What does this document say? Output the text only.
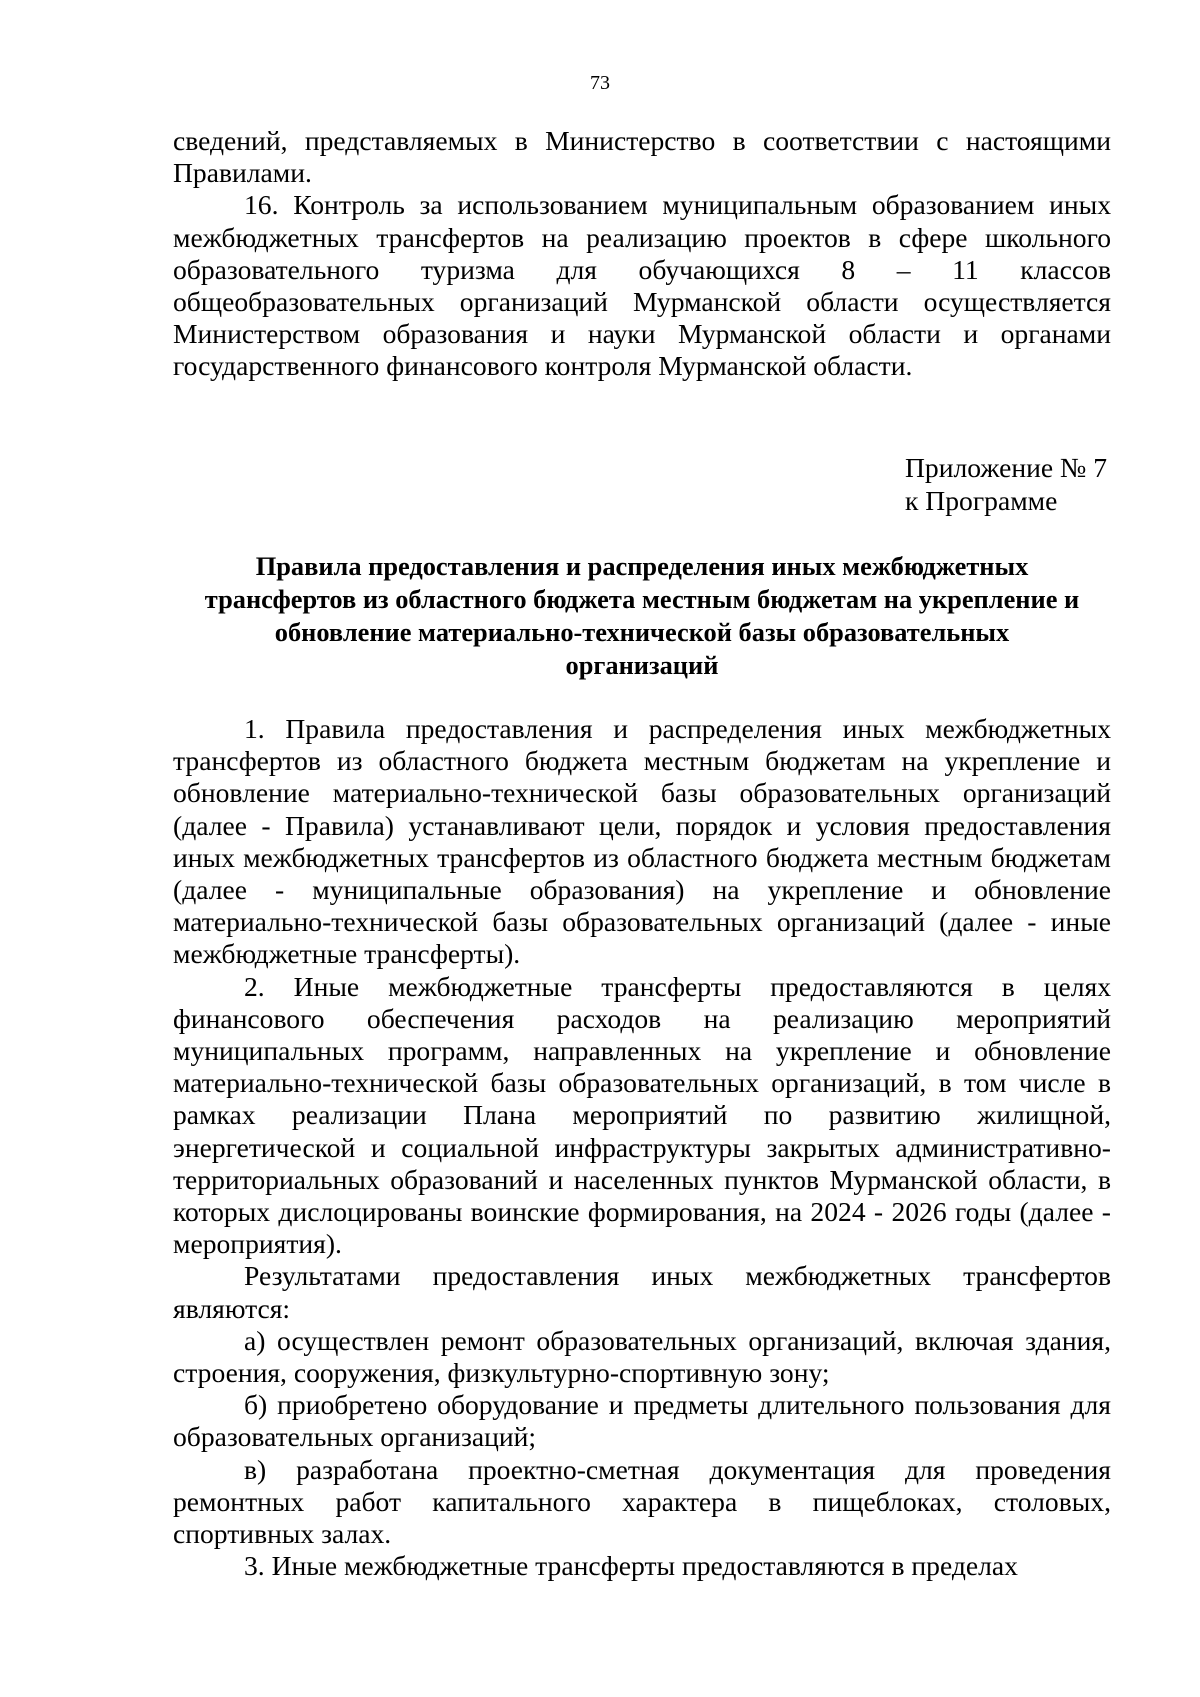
73

сведений, представляемых в Министерство в соответствии с настоящими Правилами.

16. Контроль за использованием муниципальным образованием иных межбюджетных трансфертов на реализацию проектов в сфере школьного образовательного туризма для обучающихся 8 – 11 классов общеобразовательных организаций Мурманской области осуществляется Министерством образования и науки Мурманской области и органами государственного финансового контроля Мурманской области.

Приложение № 7
к Программе
Правила предоставления и распределения иных межбюджетных
трансфертов из областного бюджета местным бюджетам на укрепление и
обновление материально-технической базы образовательных
организаций

1. Правила предоставления и распределения иных межбюджетных трансфертов из областного бюджета местным бюджетам на укрепление и обновление материально-технической базы образовательных организаций (далее - Правила) устанавливают цели, порядок и условия предоставления иных межбюджетных трансфертов из областного бюджета местным бюджетам (далее - муниципальные образования) на укрепление и обновление материально-технической базы образовательных организаций (далее - иные межбюджетные трансферты).

2. Иные межбюджетные трансферты предоставляются в целях финансового обеспечения расходов на реализацию мероприятий муниципальных программ, направленных на укрепление и обновление материально-технической базы образовательных организаций, в том числе в рамках реализации Плана мероприятий по развитию жилищной, энергетической и социальной инфраструктуры закрытых административно-территориальных образований и населенных пунктов Мурманской области, в которых дислоцированы воинские формирования, на 2024 - 2026 годы (далее - мероприятия).

Результатами предоставления иных межбюджетных трансфертов являются:

а) осуществлен ремонт образовательных организаций, включая здания, строения, сооружения, физкультурно-спортивную зону;

б) приобретено оборудование и предметы длительного пользования для образовательных организаций;

в) разработана проектно-сметная документация для проведения ремонтных работ капитального характера в пищеблоках, столовых, спортивных залах.

3. Иные межбюджетные трансферты предоставляются в пределах
